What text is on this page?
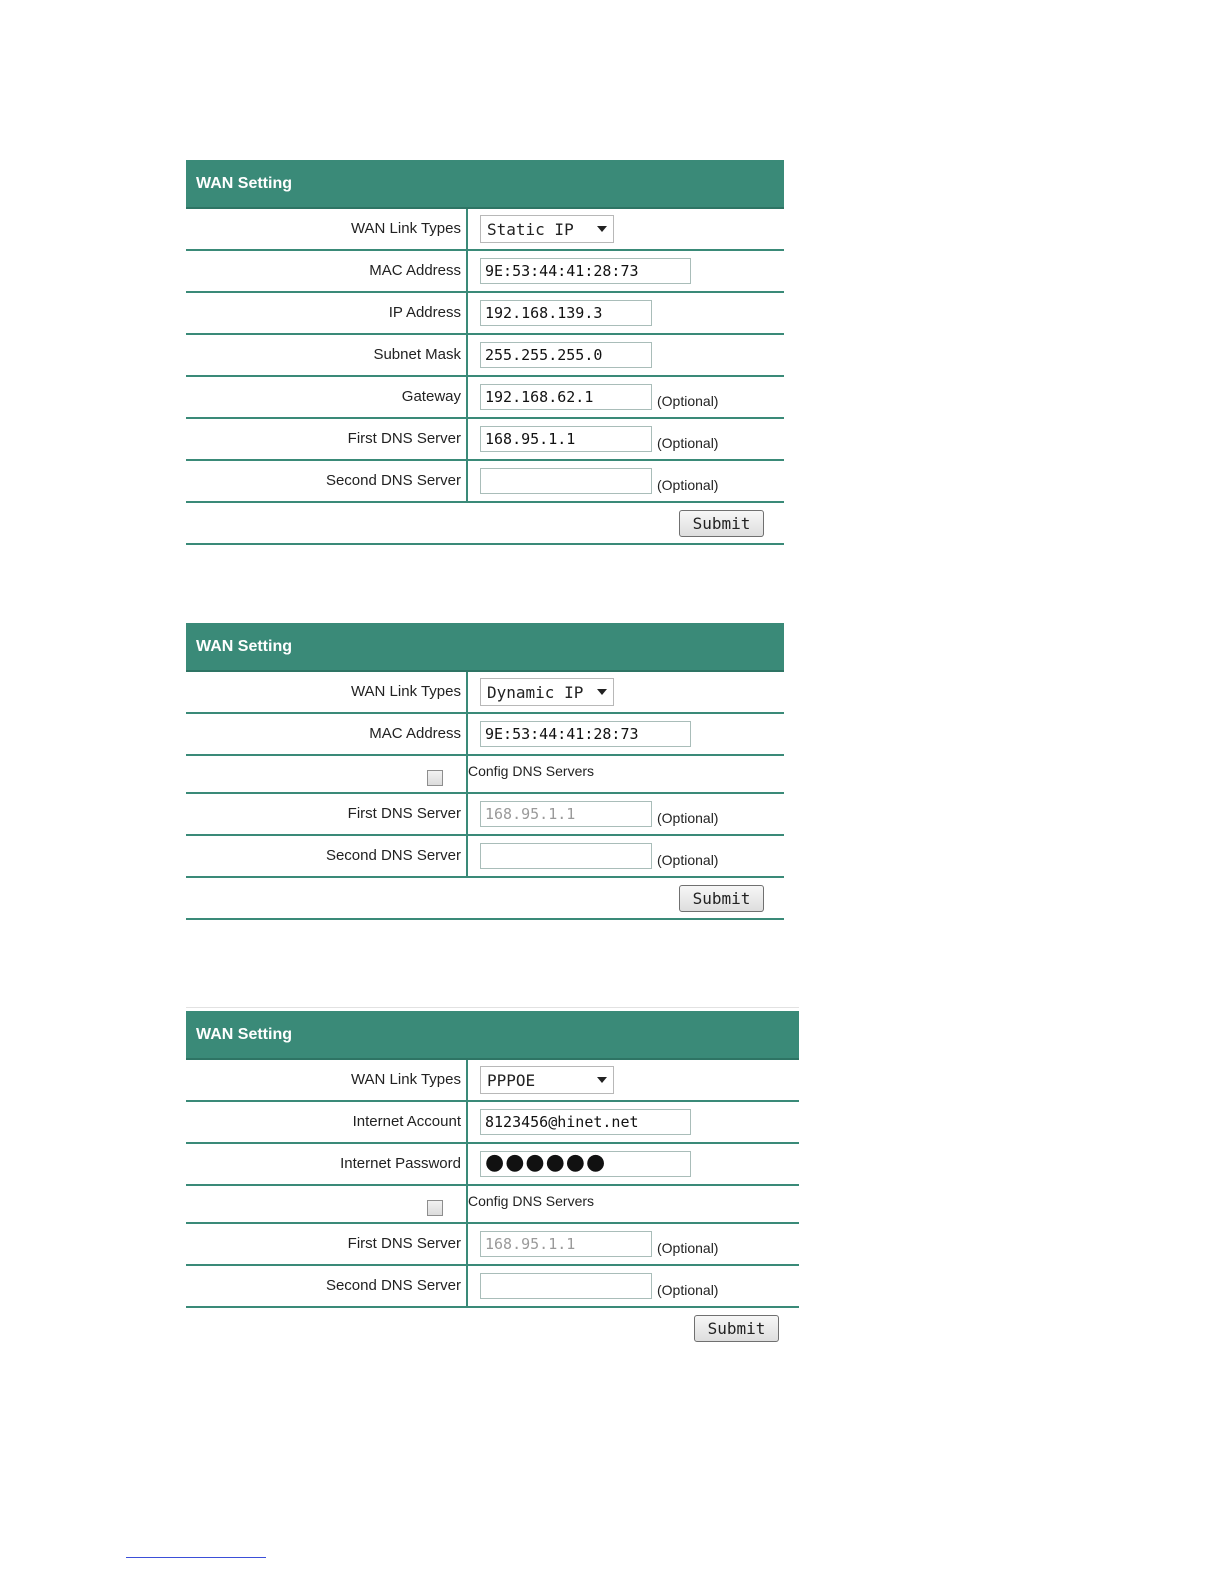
WAN Setting
WAN Link Types	Static IP
MAC Address	9E:53:44:41:28:73
IP Address	192.168.139.3
Subnet Mask	255.255.255.0
Gateway	192.168.62.1	(Optional)
First DNS Server	168.95.1.1	(Optional)
Second DNS Server	(Optional)
Submit
WAN Setting
WAN Link Types	Dynamic IP
MAC Address	9E:53:44:41:28:73
Config DNS Servers
First DNS Server	168.95.1.1	(Optional)
Second DNS Server	(Optional)
Submit
WAN Setting
WAN Link Types	PPPOE
Internet Account	8123456@hinet.net
Internet Password	●●●●●●
Config DNS Servers
First DNS Server	168.95.1.1	(Optional)
Second DNS Server	(Optional)
Submit
